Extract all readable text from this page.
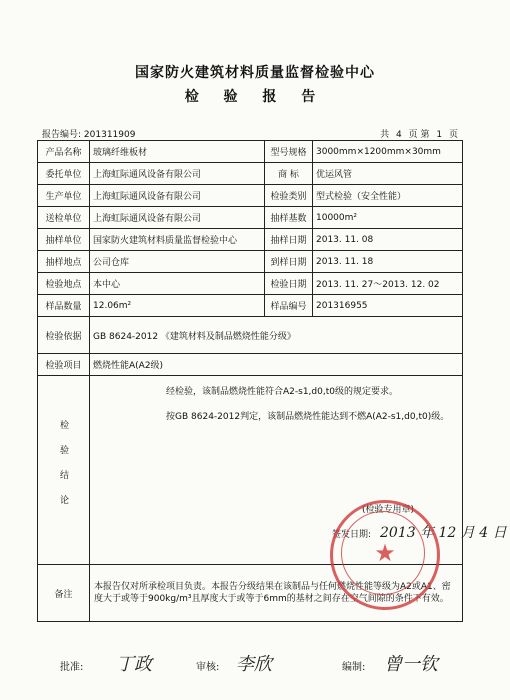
国家防火建筑材料质量监督检验中心
检 验 报 告
报告编号: 201311909	共 4 页 第 1 页
产品名称	玻璃纤维板材	型号规格	3000mm×1200mm×30mm
委托单位	上海虹际通风设备有限公司	商 标	优运风管
生产单位	上海虹际通风设备有限公司	检验类别	型式检验（安全性能）
送检单位	上海虹际通风设备有限公司	抽样基数	10000m²
抽样单位	国家防火建筑材料质量监督检验中心	抽样日期	2013. 11. 08
抽样地点	公司仓库	到样日期	2013. 11. 18
检验地点	本中心	检验日期	2013. 11. 27～2013. 12. 02
样品数量	12.06m²	样品编号	201316955
检验依据	GB 8624-2012 《建筑材料及制品燃烧性能分级》		
检验项目	燃烧性能A(A2级)		

检验结论	经检验，该制品燃烧性能符合A2-s1,d0,t0级的规定要求。
按GB 8624-2012判定，该制品燃烧性能达到不燃A(A2-s1,d0,t0)级。
(检验专用章)
签发日期: 2013 年 12 月 4 日		

备注	本报告仅对所承检项目负责。本报告分级结果在该制品与任何燃烧性能等级为A2或A1、密度大于或等于900kg/m³且厚度大于或等于6mm的基材之间存在空气间隙的条件下有效。		
★
批准: 丁政	审核: 李欣	编制: 曾一钦
